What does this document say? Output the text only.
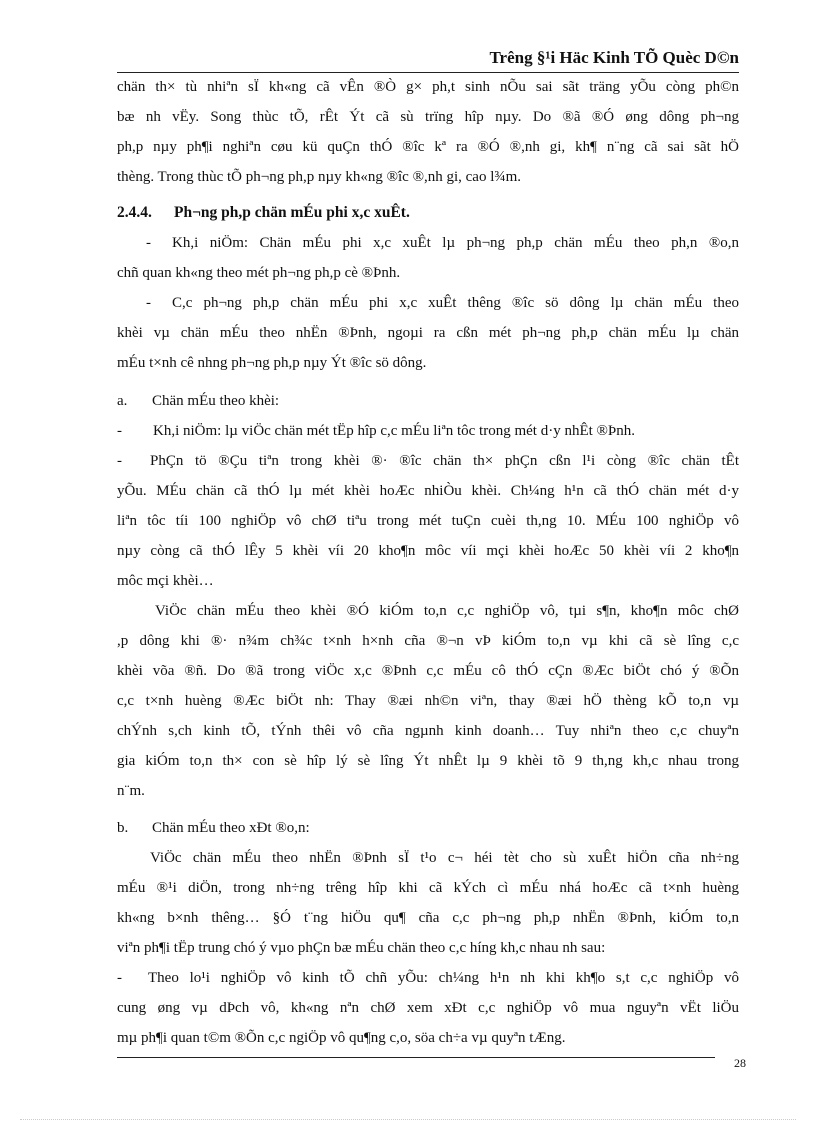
Trêng §¹i Häc Kinh TÕ Quèc D©n
chän th× tù nhiªn sÏ kh«ng cã vÊn ®Ò g× ph,t sinh nÕu sai sãt träng yÕu còng ph©n
bæ nh vËy. Song thùc tÕ, rÊt Ýt cã sù trïng hîp nµy. Do ®ã ®Ó øng dông ph¬ng
ph,p nµy ph¶i nghiªn cøu kü quÇn thÓ ®îc kª ra ®Ó ®,nh gi, kh¶ n¨ng cã sai sãt hÖ
thèng. Trong thùc tÕ ph¬ng ph,p nµy kh«ng ®îc ®,nh gi, cao l¾m.
2.4.4. Ph¬ng ph,p chän mÉu phi x,c xuÊt.
- Kh,i niÖm: Chän mÉu phi x,c xuÊt lµ ph¬ng ph,p chän mÉu theo ph,n ®o,n
chñ quan kh«ng theo mét ph¬ng ph,p cè ®Þnh.
- C,c ph¬ng ph,p chän mÉu phi x,c xuÊt thêng ®îc sö dông lµ chän mÉu theo
khèi vµ chän mÉu theo nhËn ®Þnh, ngoµi ra cßn mét ph¬ng ph,p chän mÉu lµ chän
mÉu t×nh cê nhng ph¬ng ph,p nµy Ýt ®îc sö dông.
a. Chän mÉu theo khèi:
- Kh,i niÖm: lµ viÖc chän mét tËp hîp c,c mÉu liªn tôc trong mét d·y nhÊt ®Þnh.
- PhÇn tö ®Çu tiªn trong khèi ®· ®îc chän th× phÇn cßn l¹i còng ®îc chän tÊt
yÕu. MÉu chän cã thÓ lµ mét khèi hoÆc nhiÒu khèi. Ch¼ng h¹n cã thÓ chän mét d·y
liªn tôc tíi 100 nghiÖp vô chØ tiªu trong mét tuÇn cuèi th,ng 10. MÉu 100 nghiÖp vô
nµy còng cã thÓ lÊy 5 khèi víi 20 kho¶n môc víi mçi khèi hoÆc 50 khèi víi 2 kho¶n
môc mçi khèi…
ViÖc chän mÉu theo khèi ®Ó kiÓm to,n c,c nghiÖp vô, tµi s¶n, kho¶n môc chØ
,p dông khi ®· n¾m ch¾c t×nh h×nh cña ®¬n vÞ kiÓm to,n vµ khi cã sè lîng c,c
khèi võa ®ñ. Do ®ã trong viÖc x,c ®Þnh c,c mÉu cô thÓ cÇn ®Æc biÖt chó ý ®Õn
c,c t×nh huèng ®Æc biÖt nh: Thay ®æi nh©n viªn, thay ®æi hÖ thèng kÕ to,n vµ
chÝnh s,ch kinh tÕ, tÝnh thêi vô cña ngµnh kinh doanh… Tuy nhiªn theo c,c chuyªn
gia kiÓm to,n th× con sè hîp lý sè lîng Ýt nhÊt lµ 9 khèi tõ 9 th,ng kh,c nhau trong
n¨m.
b. Chän mÉu theo xÐt ®o,n:
ViÖc chän mÉu theo nhËn ®Þnh sÏ t¹o c¬ héi tèt cho sù xuÊt hiÖn cña nh÷ng
mÉu ®¹i diÖn, trong nh÷ng trêng hîp khi cã kÝch cì mÉu nhá hoÆc cã t×nh huèng
kh«ng b×nh thêng… §Ó t¨ng hiÖu qu¶ cña c,c ph¬ng ph,p nhËn ®Þnh, kiÓm to,n
viªn ph¶i tËp trung chó ý vµo phÇn bæ mÉu chän theo c,c híng kh,c nhau nh sau:
- Theo lo¹i nghiÖp vô kinh tÕ chñ yÕu: ch¼ng h¹n nh khi kh¶o s,t c,c nghiÖp vô
cung øng vµ dÞch vô, kh«ng nªn chØ xem xÐt c,c nghiÖp vô mua nguyªn vËt liÖu
mµ ph¶i quan t©m ®Õn c,c ngiÖp vô qu¶ng c,o, söa ch÷a vµ quyªn tÆng.
28
